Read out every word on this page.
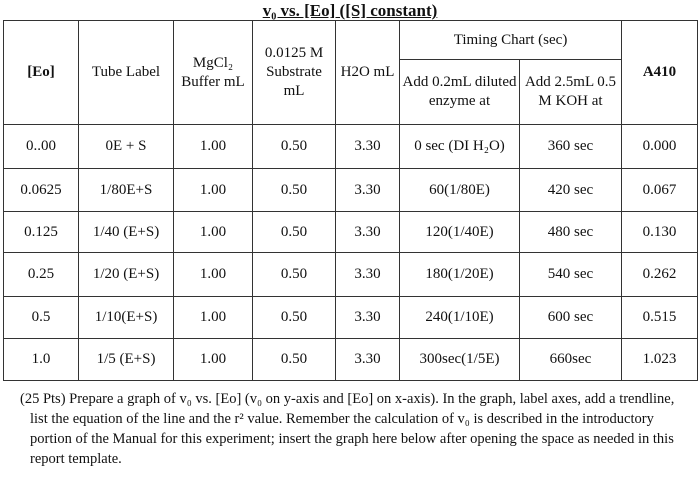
v₀ vs. [Eo] ([S] constant)
[Eo]	Tube Label	MgCl₂ Buffer mL	0.0125 M Substrate mL	H2O mL	Timing Chart (sec)		A410
					Add 0.2mL diluted enzyme at	Add 2.5mL 0.5 M KOH at	
0..00	0E + S	1.00	0.50	3.30	0 sec (DI H₂O)	360 sec	0.000
0.0625	1/80E+S	1.00	0.50	3.30	60(1/80E)	420 sec	0.067
0.125	1/40 (E+S)	1.00	0.50	3.30	120(1/40E)	480 sec	0.130
0.25	1/20 (E+S)	1.00	0.50	3.30	180(1/20E)	540 sec	0.262
0.5	1/10(E+S)	1.00	0.50	3.30	240(1/10E)	600 sec	0.515
1.0	1/5 (E+S)	1.00	0.50	3.30	300sec(1/5E)	660sec	1.023

(25 Pts) Prepare a graph of v₀ vs. [Eo] (v₀ on y-axis and [Eo] on x-axis). In the graph, label axes, add a trendline, list the equation of the line and the r² value. Remember the calculation of v₀ is described in the introductory portion of the Manual for this experiment; insert the graph here below after opening the space as needed in this report template.
